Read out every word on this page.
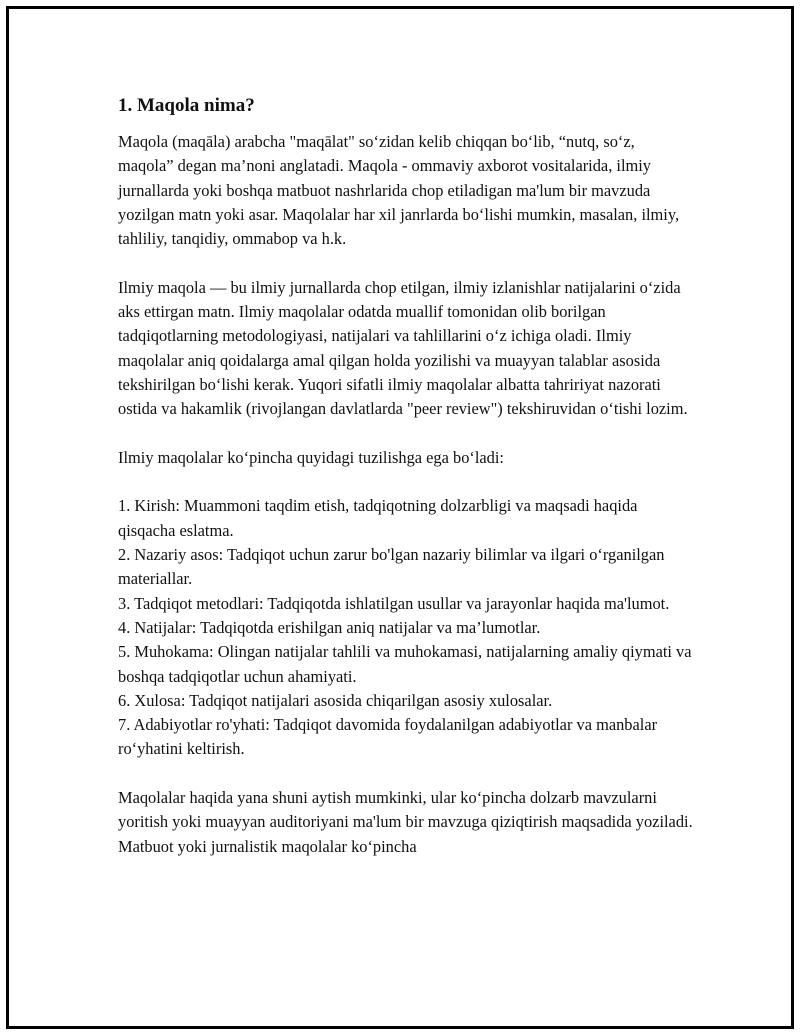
1. Maqola nima?

Maqola (maqāla) arabcha "maqālat" so‘zidan kelib chiqqan bo‘lib, “nutq, so‘z, maqola” degan ma’noni anglatadi. Maqola - ommaviy axborot vositalarida, ilmiy jurnallarda yoki boshqa matbuot nashrlarida chop etiladigan ma'lum bir mavzuda yozilgan matn yoki asar. Maqolalar har xil janrlarda bo‘lishi mumkin, masalan, ilmiy, tahliliy, tanqidiy, ommabop va h.k.

Ilmiy maqola — bu ilmiy jurnallarda chop etilgan, ilmiy izlanishlar natijalarini o‘zida aks ettirgan matn. Ilmiy maqolalar odatda muallif tomonidan olib borilgan tadqiqotlarning metodologiyasi, natijalari va tahlillarini o‘z ichiga oladi. Ilmiy maqolalar aniq qoidalarga amal qilgan holda yozilishi va muayyan talablar asosida tekshirilgan bo‘lishi kerak. Yuqori sifatli ilmiy maqolalar albatta tahririyat nazorati ostida va hakamlik (rivojlangan davlatlarda "peer review") tekshiruvidan o‘tishi lozim.

Ilmiy maqolalar ko‘pincha quyidagi tuzilishga ega bo‘ladi:

1. Kirish: Muammoni taqdim etish, tadqiqotning dolzarbligi va maqsadi haqida qisqacha eslatma.
2. Nazariy asos: Tadqiqot uchun zarur bo'lgan nazariy bilimlar va ilgari o‘rganilgan materiallar.
3. Tadqiqot metodlari: Tadqiqotda ishlatilgan usullar va jarayonlar haqida ma'lumot.
4. Natijalar: Tadqiqotda erishilgan aniq natijalar va ma’lumotlar.
5. Muhokama: Olingan natijalar tahlili va muhokamasi, natijalarning amaliy qiymati va boshqa tadqiqotlar uchun ahamiyati.
6. Xulosa: Tadqiqot natijalari asosida chiqarilgan asosiy xulosalar.
7. Adabiyotlar ro'yhati: Tadqiqot davomida foydalanilgan adabiyotlar va manbalar ro‘yhatini keltirish.

Maqolalar haqida yana shuni aytish mumkinki, ular ko‘pincha dolzarb mavzularni yoritish yoki muayyan auditoriyani ma'lum bir mavzuga qiziqtirish maqsadida yoziladi. Matbuot yoki jurnalistik maqolalar ko‘pincha
